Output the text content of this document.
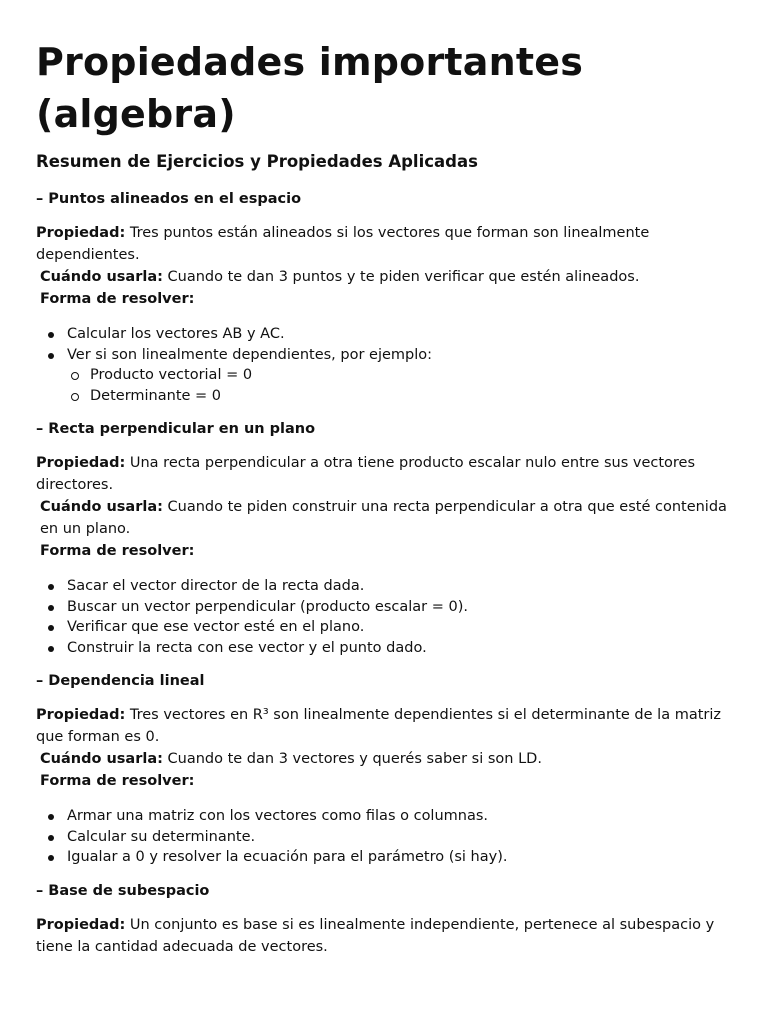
Propiedades importantes (algebra)
Resumen de Ejercicios y Propiedades Aplicadas
– Puntos alineados en el espacio

Propiedad: Tres puntos están alineados si los vectores que forman son linealmente dependientes.
Cuándo usarla: Cuando te dan 3 puntos y te piden verificar que estén alineados.
Forma de resolver:

Calcular los vectores AB y AC.
Ver si son linealmente dependientes, por ejemplo:
Producto vectorial = 0
Determinante = 0
– Recta perpendicular en un plano

Propiedad: Una recta perpendicular a otra tiene producto escalar nulo entre sus vectores directores.
Cuándo usarla: Cuando te piden construir una recta perpendicular a otra que esté contenida en un plano.
Forma de resolver:

Sacar el vector director de la recta dada.
Buscar un vector perpendicular (producto escalar = 0).
Verificar que ese vector esté en el plano.
Construir la recta con ese vector y el punto dado.
– Dependencia lineal

Propiedad: Tres vectores en R³ son linealmente dependientes si el determinante de la matriz que forman es 0.
Cuándo usarla: Cuando te dan 3 vectores y querés saber si son LD.
Forma de resolver:

Armar una matriz con los vectores como filas o columnas.
Calcular su determinante.
Igualar a 0 y resolver la ecuación para el parámetro (si hay).
– Base de subespacio

Propiedad: Un conjunto es base si es linealmente independiente, pertenece al subespacio y tiene la cantidad adecuada de vectores.
